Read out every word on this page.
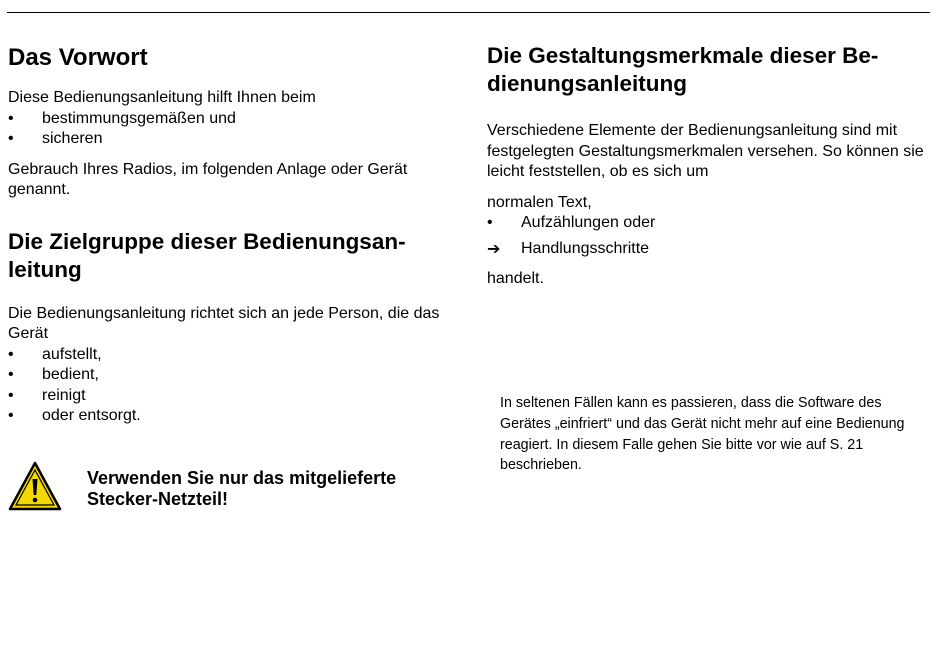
Das Vorwort

Diese Bedienungsanleitung hilft Ihnen beim

•	bestimmungsgemäßen und
•	sicheren

Gebrauch Ihres Radios, im folgenden Anlage oder Gerät genannt.

Die Zielgruppe dieser Bedienungsan-
leitung

Die Bedienungsanleitung richtet sich an jede Person, die das Gerät

•	aufstellt,
•	bedient,
•	reinigt
•	oder entsorgt.
Verwenden Sie nur das mitgelieferte
Stecker-Netzteil!
Die Gestaltungsmerkmale dieser Be-
dienungsanleitung

Verschiedene Elemente der Bedienungsanleitung sind mit festgelegten Gestaltungsmerkmalen versehen. So können sie leicht feststellen, ob es sich um

normalen Text,

•	Aufzählungen oder
➔	Handlungsschritte

handelt.

In seltenen Fällen kann es passieren, dass die Software des Gerätes „einfriert“ und das Gerät nicht mehr auf eine Bedienung reagiert. In diesem Falle gehen Sie bitte vor wie auf S. 21 beschrieben.
